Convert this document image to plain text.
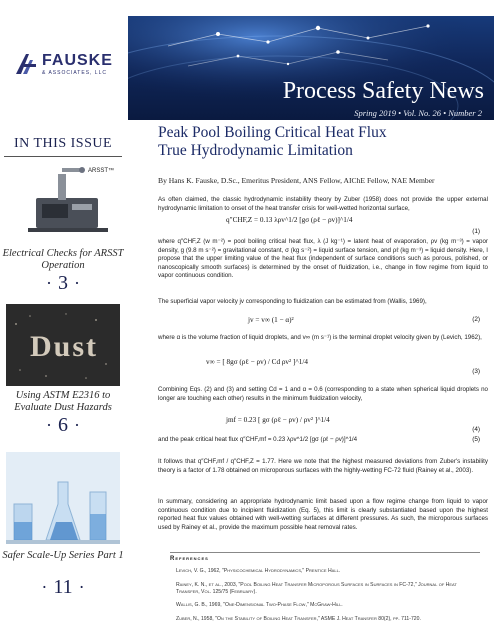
FAUSKE
& ASSOCIATES, LLC
Process Safety News
Spring 2019 • Vol. No. 26 • Number 2
IN THIS ISSUE
ARSST™
Electrical Checks for ARSST Operation
· 3 ·
Dust
Using ASTM E2316 to Evaluate Dust Hazards
· 6 ·
Safer Scale-Up Series Part 1
· 11 ·
Peak Pool Boiling Critical Heat Flux
True Hydrodynamic Limitation
By Hans K. Fauske, D.Sc., Emeritus President, ANS Fellow, AIChE Fellow, NAE Member
As often claimed, the classic hydrodynamic instability theory by Zuber (1958) does not provide the upper external hydrodynamic limitation to onset of the heat transfer crisis for well-wetted horizontal surface,
q″CHF,Z = 0.13 λρv^1/2 [gσ (ρℓ − ρv)]^1/4
(1)
where q″CHF,Z (w m⁻²) = pool boiling critical heat flux, λ (J kg⁻¹) = latent heat of evaporation, ρv (kg m⁻³) = vapor density, g (9.8 m s⁻²) = gravitational constant, σ (kg s⁻²) = liquid surface tension, and ρℓ (kg m⁻³) = liquid density. Here, I propose that the upper limiting value of the heat flux (independent of surface conditions such as porous, polished, or nanoscopically smooth surfaces) is determined by the onset of fluidization, i.e., change in flow regime from liquid to vapor continuous condition.
The superficial vapor velocity jv corresponding to fluidization can be estimated from (Wallis, 1969),
jv = v∞ (1 − α)²	(2)
where α is the volume fraction of liquid droplets, and v∞ (m s⁻¹) is the terminal droplet velocity given by (Levich, 1962),
v∞ = [ 8gσ (ρℓ − ρv) / Cd ρv² ]^1/4
(3)
Combining Eqs. (2) and (3) and setting Cd = 1 and α = 0.6 (corresponding to a state when spherical liquid droplets no longer are touching each other) results in the minimum fluidization velocity,
jmf = 0.23 [ gσ (ρℓ − ρv) / ρv² ]^1/4
(4)
and the peak critical heat flux q″CHF,mf = 0.23 λρv^1/2 [gσ (ρℓ − ρv)]^1/4	(5)
It follows that q″CHF,mf / q″CHF,Z = 1.77. Here we note that the highest measured deviations from Zuber's instability theory is a factor of 1.78 obtained on microporous surfaces with the highly-wetting FC-72 fluid (Rainey et al., 2003).
In summary, considering an appropriate hydrodynamic limit based upon a flow regime change from liquid to vapor continuous condition due to incipient fluidization (Eq. 5), this limit is clearly substantiated based upon the highest reported heat flux values obtained with well-wetting surfaces at different pressures. As such, the microporous surfaces used by Rainey et al., provide the maximum possible heat removal rates.
References
Levich, V. G., 1962, "Physicochemical Hydrodynamics," Prentice Hall.
Rainey, K. N., et al., 2003, "Pool Boiling Heat Transfer Microporous Surfaces in Surfaces in FC-72," Journal of Heat Transfer, Vol. 125/75 (February).
Wallis, G. B., 1969, "One-Dimensional Two-Phase Flow," McGraw-Hill.
Zuber, N., 1958, "On the Stability of Boiling Heat Transfer," ASME J. Heat Transfer 80(2), pp. 711-720.
